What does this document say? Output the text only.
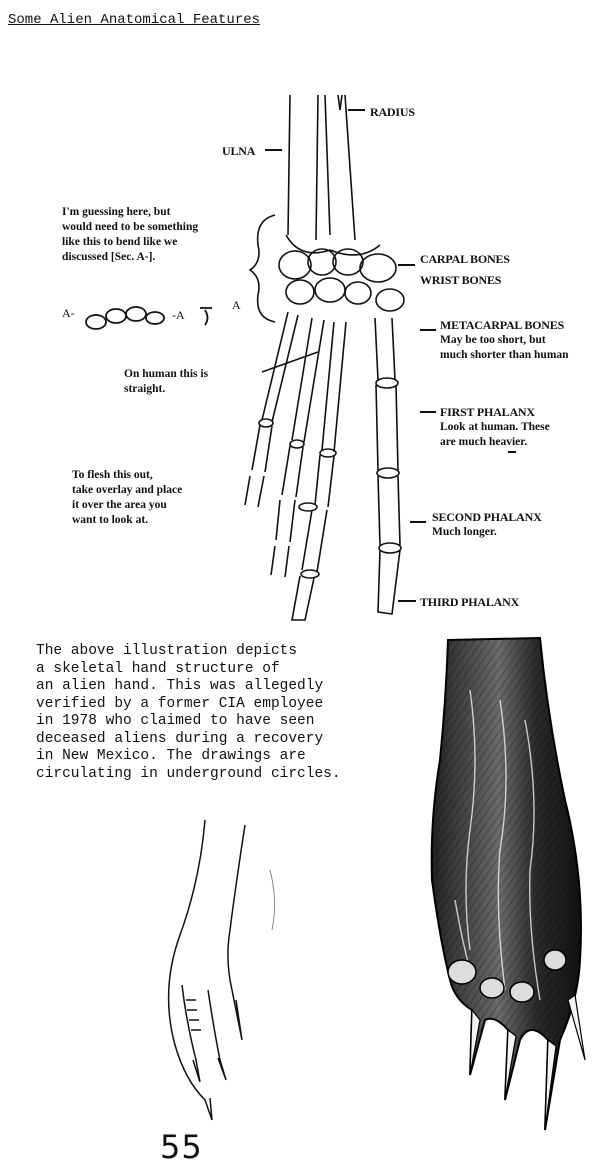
Some Alien Anatomical Features
RADIUS
ULNA
CARPAL BONES
WRIST BONES
METACARPAL BONES
May be too short, but
much shorter than human
FIRST PHALANX
Look at human. These
are much heavier.
SECOND PHALANX
Much longer.
THIRD PHALANX
I'm guessing here, but
would need to be something
like this to bend like we
discussed [Sec. A-].
On human this is
straight.
To flesh this out,
take overlay and place
it over the area you
want to look at.
A-	-A
A
The above illustration depicts
a skeletal hand structure of
an alien hand. This was allegedly
verified by a former CIA employee
in 1978 who claimed to have seen
deceased aliens during a recovery
in New Mexico. The drawings are
circulating in underground circles.
55
